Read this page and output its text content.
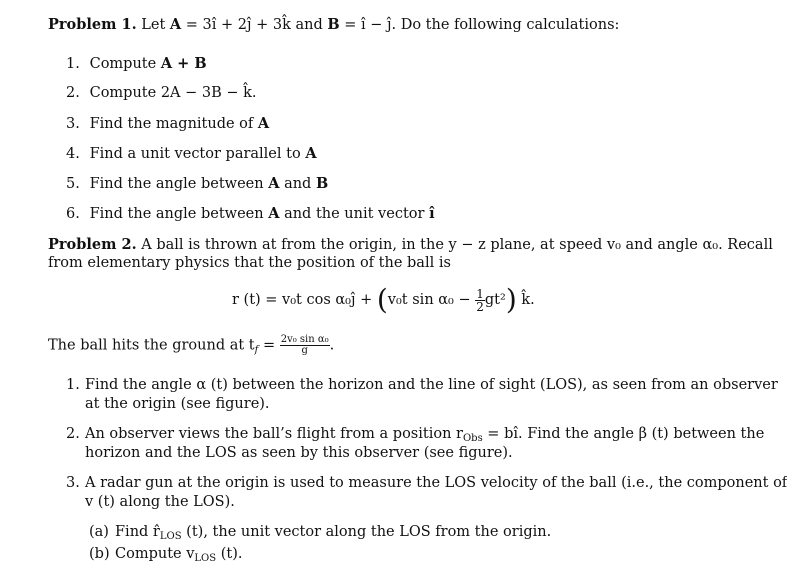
Problem 1. Let A = 3î + 2ĵ + 3k̂ and B = î − ĵ. Do the following calculations:
1. Compute A + B
2. Compute 2A − 3B − k̂.
3. Find the magnitude of A
4. Find a unit vector parallel to A
5. Find the angle between A and B
6. Find the angle between A and the unit vector î
Problem 2. A ball is thrown at from the origin, in the y − z plane, at speed v₀ and angle α₀. Recall
from elementary physics that the position of the ball is
r (t) = v₀t cos α₀ĵ + (v₀t $\sin \alpha_0 - \frac{1}{2} gt^2$) k̂.
The ball hits the ground at $t_f = \frac{\text{2v₀ sin α₀}}{g}$ .
1. Find the angle α (t) between the horizon and the line of sight (LOS), as seen from an observer
at the origin (see figure).
2. An observer views the ball’s flight from a position $r_{Obs}$ = bî. Find the angle β (t) between the
horizon and the LOS as seen by this observer (see figure).
3. A radar gun at the origin is used to measure the LOS velocity of the ball (i.e., the component of
v (t) along the LOS).
(a) Find $r̂_{LOS}$ (t), the unit vector along the LOS from the origin.
(b) Compute $v_{LOS}$ (t).
